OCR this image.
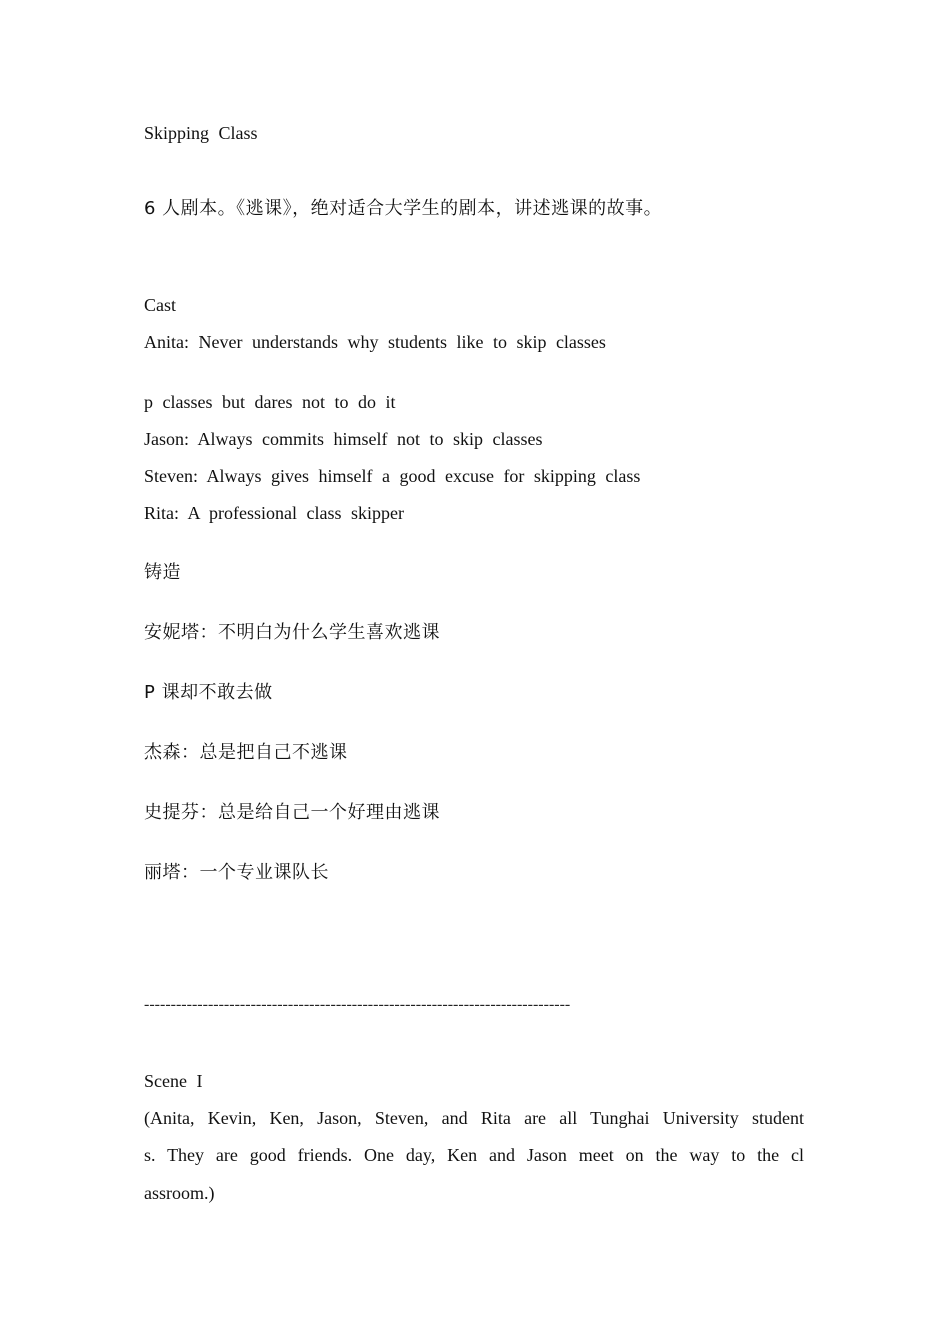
Skipping Class
6 人剧本。《逃课》，绝对适合大学生的剧本，讲述逃课的故事。
Cast
Anita: Never understands why students like to skip classes
p classes but dares not to do it
Jason: Always commits himself not to skip classes
Steven: Always gives himself a good excuse for skipping class
Rita: A professional class skipper
铸造
安妮塔：不明白为什么学生喜欢逃课
P 课却不敢去做
杰森：总是把自己不逃课
史提芬：总是给自己一个好理由逃课
丽塔：一个专业课队长
--------------------------------------------------------------------------------
Scene I
(Anita, Kevin, Ken, Jason, Steven, and Rita are all Tunghai University student
s. They are good friends. One day, Ken and Jason meet on the way to the cl
assroom.)
